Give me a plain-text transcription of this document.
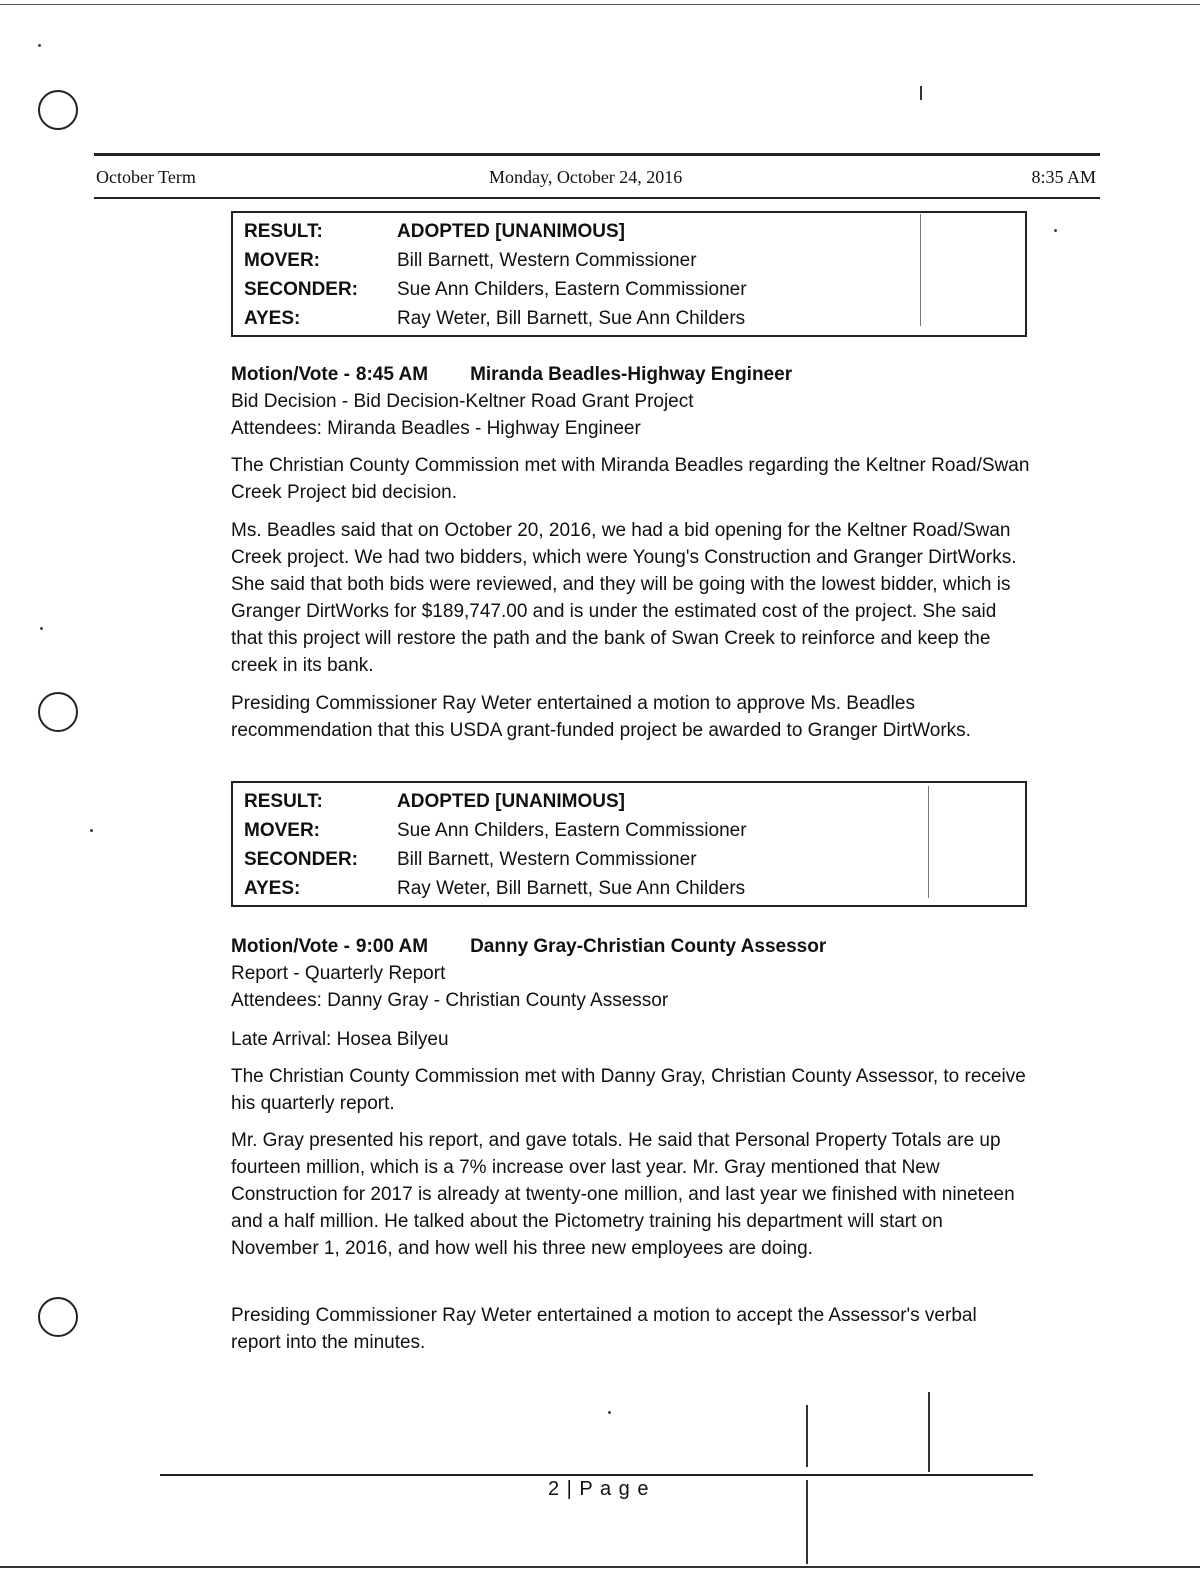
October Term	Monday, October 24, 2016	8:35 AM
RESULT:	ADOPTED [UNANIMOUS]
MOVER:	Bill Barnett, Western Commissioner
SECONDER: Sue Ann Childers, Eastern Commissioner
AYES:	Ray Weter, Bill Barnett, Sue Ann Childers
Motion/Vote - 8:45 AM Miranda Beadles-Highway Engineer
Bid Decision - Bid Decision-Keltner Road Grant Project
Attendees: Miranda Beadles - Highway Engineer
The Christian County Commission met with Miranda Beadles regarding the Keltner Road/Swan Creek Project bid decision.
Ms. Beadles said that on October 20, 2016, we had a bid opening for the Keltner Road/Swan Creek project. We had two bidders, which were Young's Construction and Granger DirtWorks. She said that both bids were reviewed, and they will be going with the lowest bidder, which is Granger DirtWorks for $189,747.00 and is under the estimated cost of the project. She said that this project will restore the path and the bank of Swan Creek to reinforce and keep the creek in its bank.
Presiding Commissioner Ray Weter entertained a motion to approve Ms. Beadles recommendation that this USDA grant-funded project be awarded to Granger DirtWorks.
RESULT:	ADOPTED [UNANIMOUS]
MOVER:	Sue Ann Childers, Eastern Commissioner
SECONDER: Bill Barnett, Western Commissioner
AYES:	Ray Weter, Bill Barnett, Sue Ann Childers
Motion/Vote - 9:00 AM Danny Gray-Christian County Assessor
Report - Quarterly Report
Attendees: Danny Gray - Christian County Assessor
Late Arrival: Hosea Bilyeu
The Christian County Commission met with Danny Gray, Christian County Assessor, to receive his quarterly report.
Mr. Gray presented his report, and gave totals. He said that Personal Property Totals are up fourteen million, which is a 7% increase over last year. Mr. Gray mentioned that New Construction for 2017 is already at twenty-one million, and last year we finished with nineteen and a half million. He talked about the Pictometry training his department will start on November 1, 2016, and how well his three new employees are doing.
Presiding Commissioner Ray Weter entertained a motion to accept the Assessor's verbal report into the minutes.
2 | P a g e
